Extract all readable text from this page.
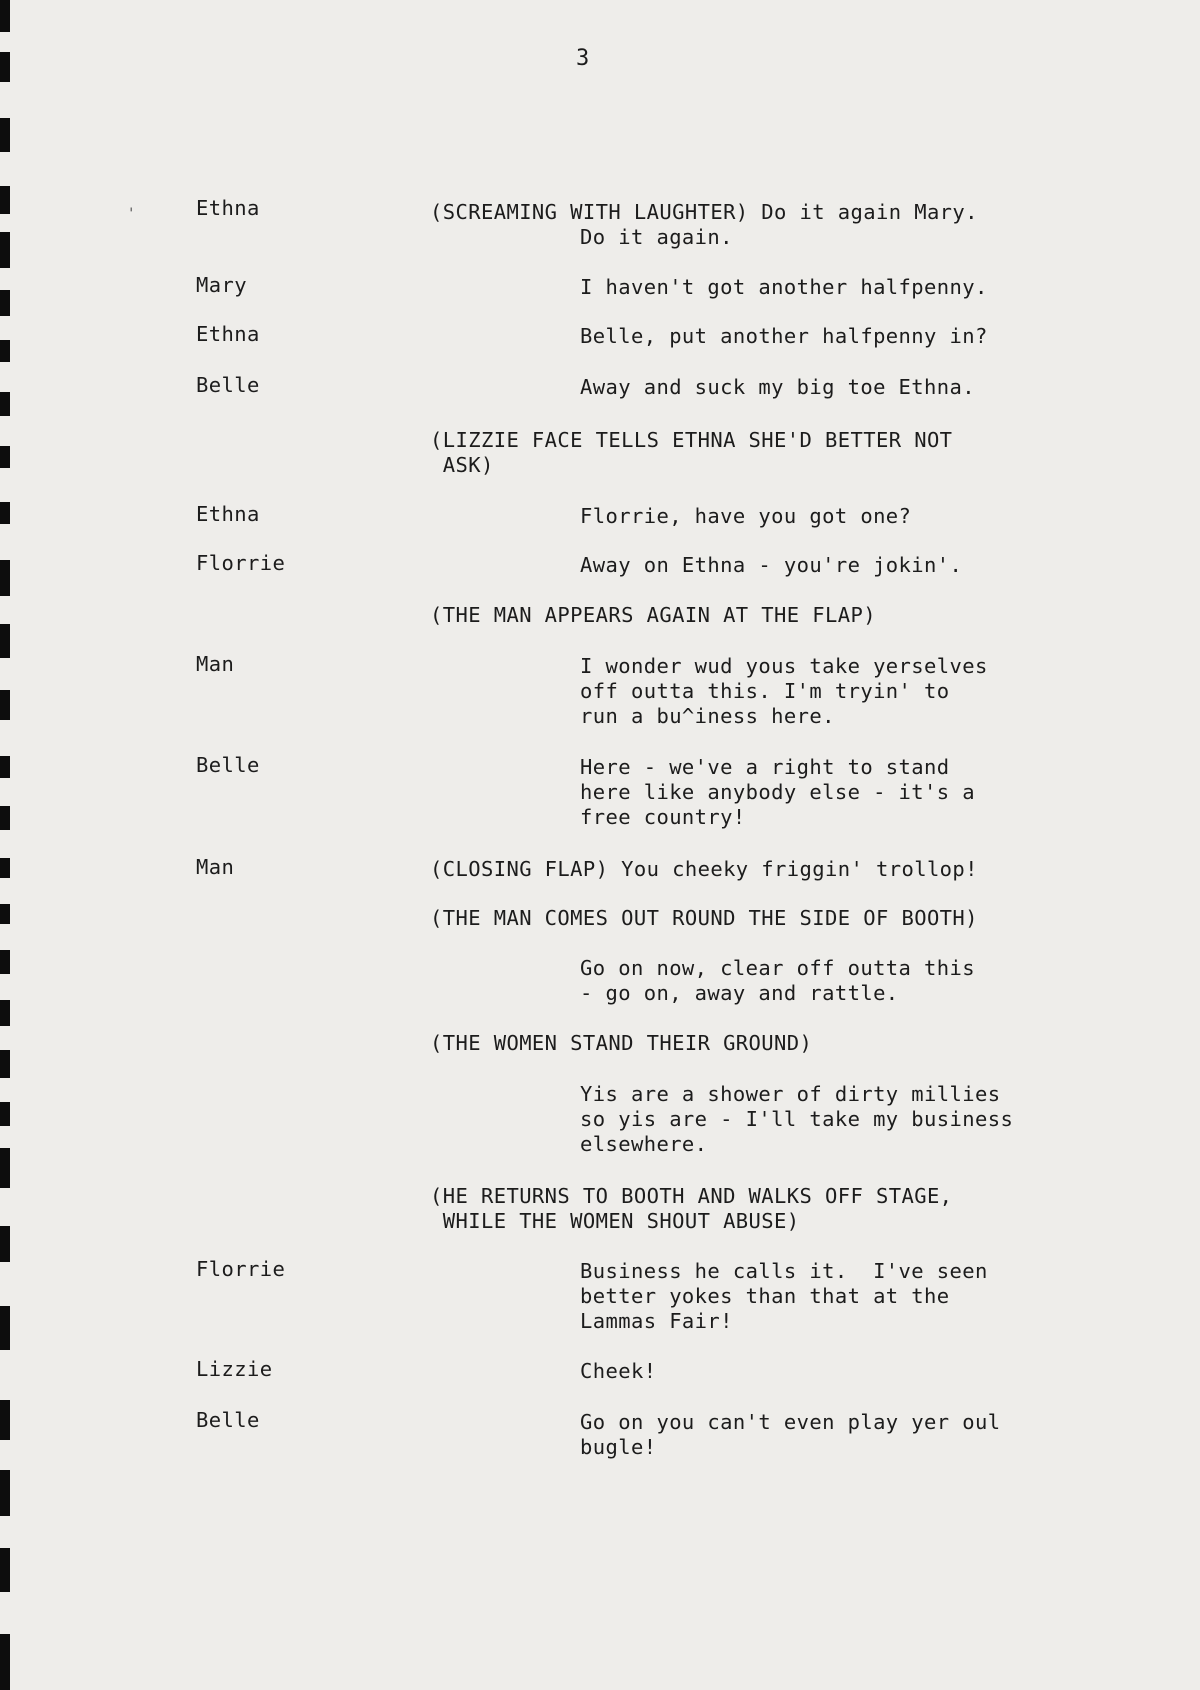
3
'	Ethna	(SCREAMING WITH LAUGHTER) Do it again Mary.
Do it again.
Mary	I haven't got another halfpenny.
Ethna	Belle, put another halfpenny in?
Belle	Away and suck my big toe Ethna.
(LIZZIE FACE TELLS ETHNA SHE'D BETTER NOT
ASK)
Ethna	Florrie, have you got one?
Florrie	Away on Ethna - you're jokin'.
(THE MAN APPEARS AGAIN AT THE FLAP)
Man	I wonder wud yous take yerselves
off outta this. I'm tryin' to
run a bu^iness here.
Belle	Here - we've a right to stand
here like anybody else - it's a
free country!
Man	(CLOSING FLAP) You cheeky friggin' trollop!
(THE MAN COMES OUT ROUND THE SIDE OF BOOTH)
Go on now, clear off outta this
- go on, away and rattle.
(THE WOMEN STAND THEIR GROUND)
Yis are a shower of dirty millies
so yis are - I'll take my business
elsewhere.
(HE RETURNS TO BOOTH AND WALKS OFF STAGE,
WHILE THE WOMEN SHOUT ABUSE)
Florrie	Business he calls it.  I've seen
better yokes than that at the
Lammas Fair!
Lizzie	Cheek!
Belle	Go on you can't even play yer oul
bugle!
